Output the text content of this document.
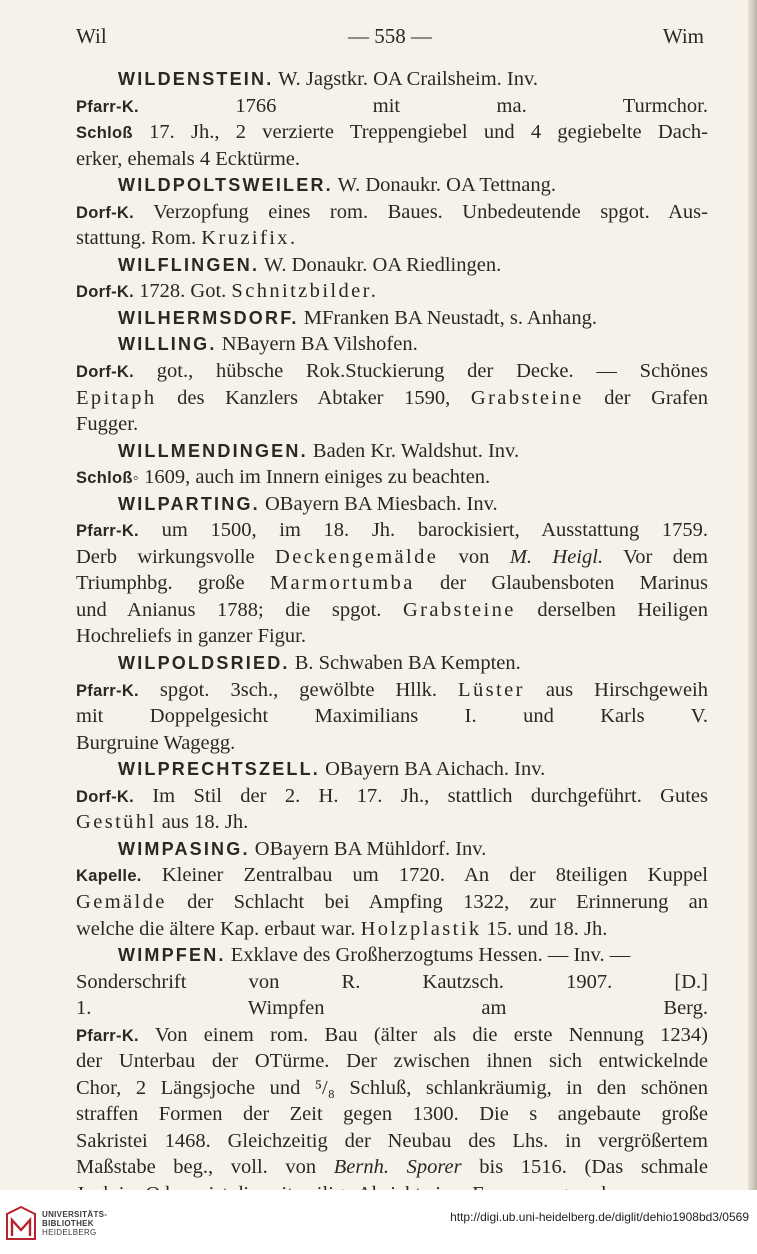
Wil	— 558 —	Wim
WILDENSTEIN. W. Jagstkr. OA Crailsheim. Inv.
Pfarr-K. 1766 mit ma. Turmchor.
Schloß 17. Jh., 2 verzierte Treppengiebel und 4 gegiebelte Dach-
erker, ehemals 4 Ecktürme.
WILDPOLTSWEILER. W. Donaukr. OA Tettnang.
Dorf-K. Verzopfung eines rom. Baues. Unbedeutende spgot. Aus-
stattung. Rom. Kruzifix.
WILFLINGEN. W. Donaukr. OA Riedlingen.
Dorf-K. 1728. Got. Schnitzbilder.
WILHERMSDORF. MFranken BA Neustadt, s. Anhang.
WILLING. NBayern BA Vilshofen.
Dorf-K. got., hübsche Rok.Stuckierung der Decke. — Schönes
Epitaph des Kanzlers Abtaker 1590, Grabsteine der Grafen
Fugger.
WILLMENDINGEN. Baden Kr. Waldshut. Inv.
Schloß◦ 1609, auch im Innern einiges zu beachten.
WILPARTING. OBayern BA Miesbach. Inv.
Pfarr-K. um 1500, im 18. Jh. barockisiert, Ausstattung 1759.
Derb wirkungsvolle Deckengemälde von M. Heigl. Vor dem
Triumphbg. große Marmortumba der Glaubensboten Marinus
und Anianus 1788; die spgot. Grabsteine derselben Heiligen
Hochreliefs in ganzer Figur.
WILPOLDSRIED. B. Schwaben BA Kempten.
Pfarr-K. spgot. 3sch., gewölbte Hllk. Lüster aus Hirschgeweih
mit Doppelgesicht Maximilians I. und Karls V.
Burgruine Wagegg.
WILPRECHTSZELL. OBayern BA Aichach. Inv.
Dorf-K. Im Stil der 2. H. 17. Jh., stattlich durchgeführt. Gutes
Gestühl aus 18. Jh.
WIMPASING. OBayern BA Mühldorf. Inv.
Kapelle. Kleiner Zentralbau um 1720. An der 8teiligen Kuppel
Gemälde der Schlacht bei Ampfing 1322, zur Erinnerung an
welche die ältere Kap. erbaut war. Holzplastik 15. und 18. Jh.
WIMPFEN. Exklave des Großherzogtums Hessen. — Inv. —
Sonderschrift von R. Kautzsch. 1907. [D.]
1. Wimpfen am Berg.
Pfarr-K. Von einem rom. Bau (älter als die erste Nennung 1234)
der Unterbau der OTürme. Der zwischen ihnen sich entwickelnde
Chor, 2 Längsjoche und ⁵/₈ Schluß, schlankräumig, in den schönen
straffen Formen der Zeit gegen 1300. Die s angebaute große
Sakristei 1468. Gleichzeitig der Neubau des Lhs. in vergrößertem
Maßstabe beg., voll. von Bernh. Sporer bis 1516. (Das schmale
UNIVERSITÄTS-
BIBLIOTHEK
HEIDELBERG
http://digi.ub.uni-heidelberg.de/diglit/dehio1908bd3/0569
